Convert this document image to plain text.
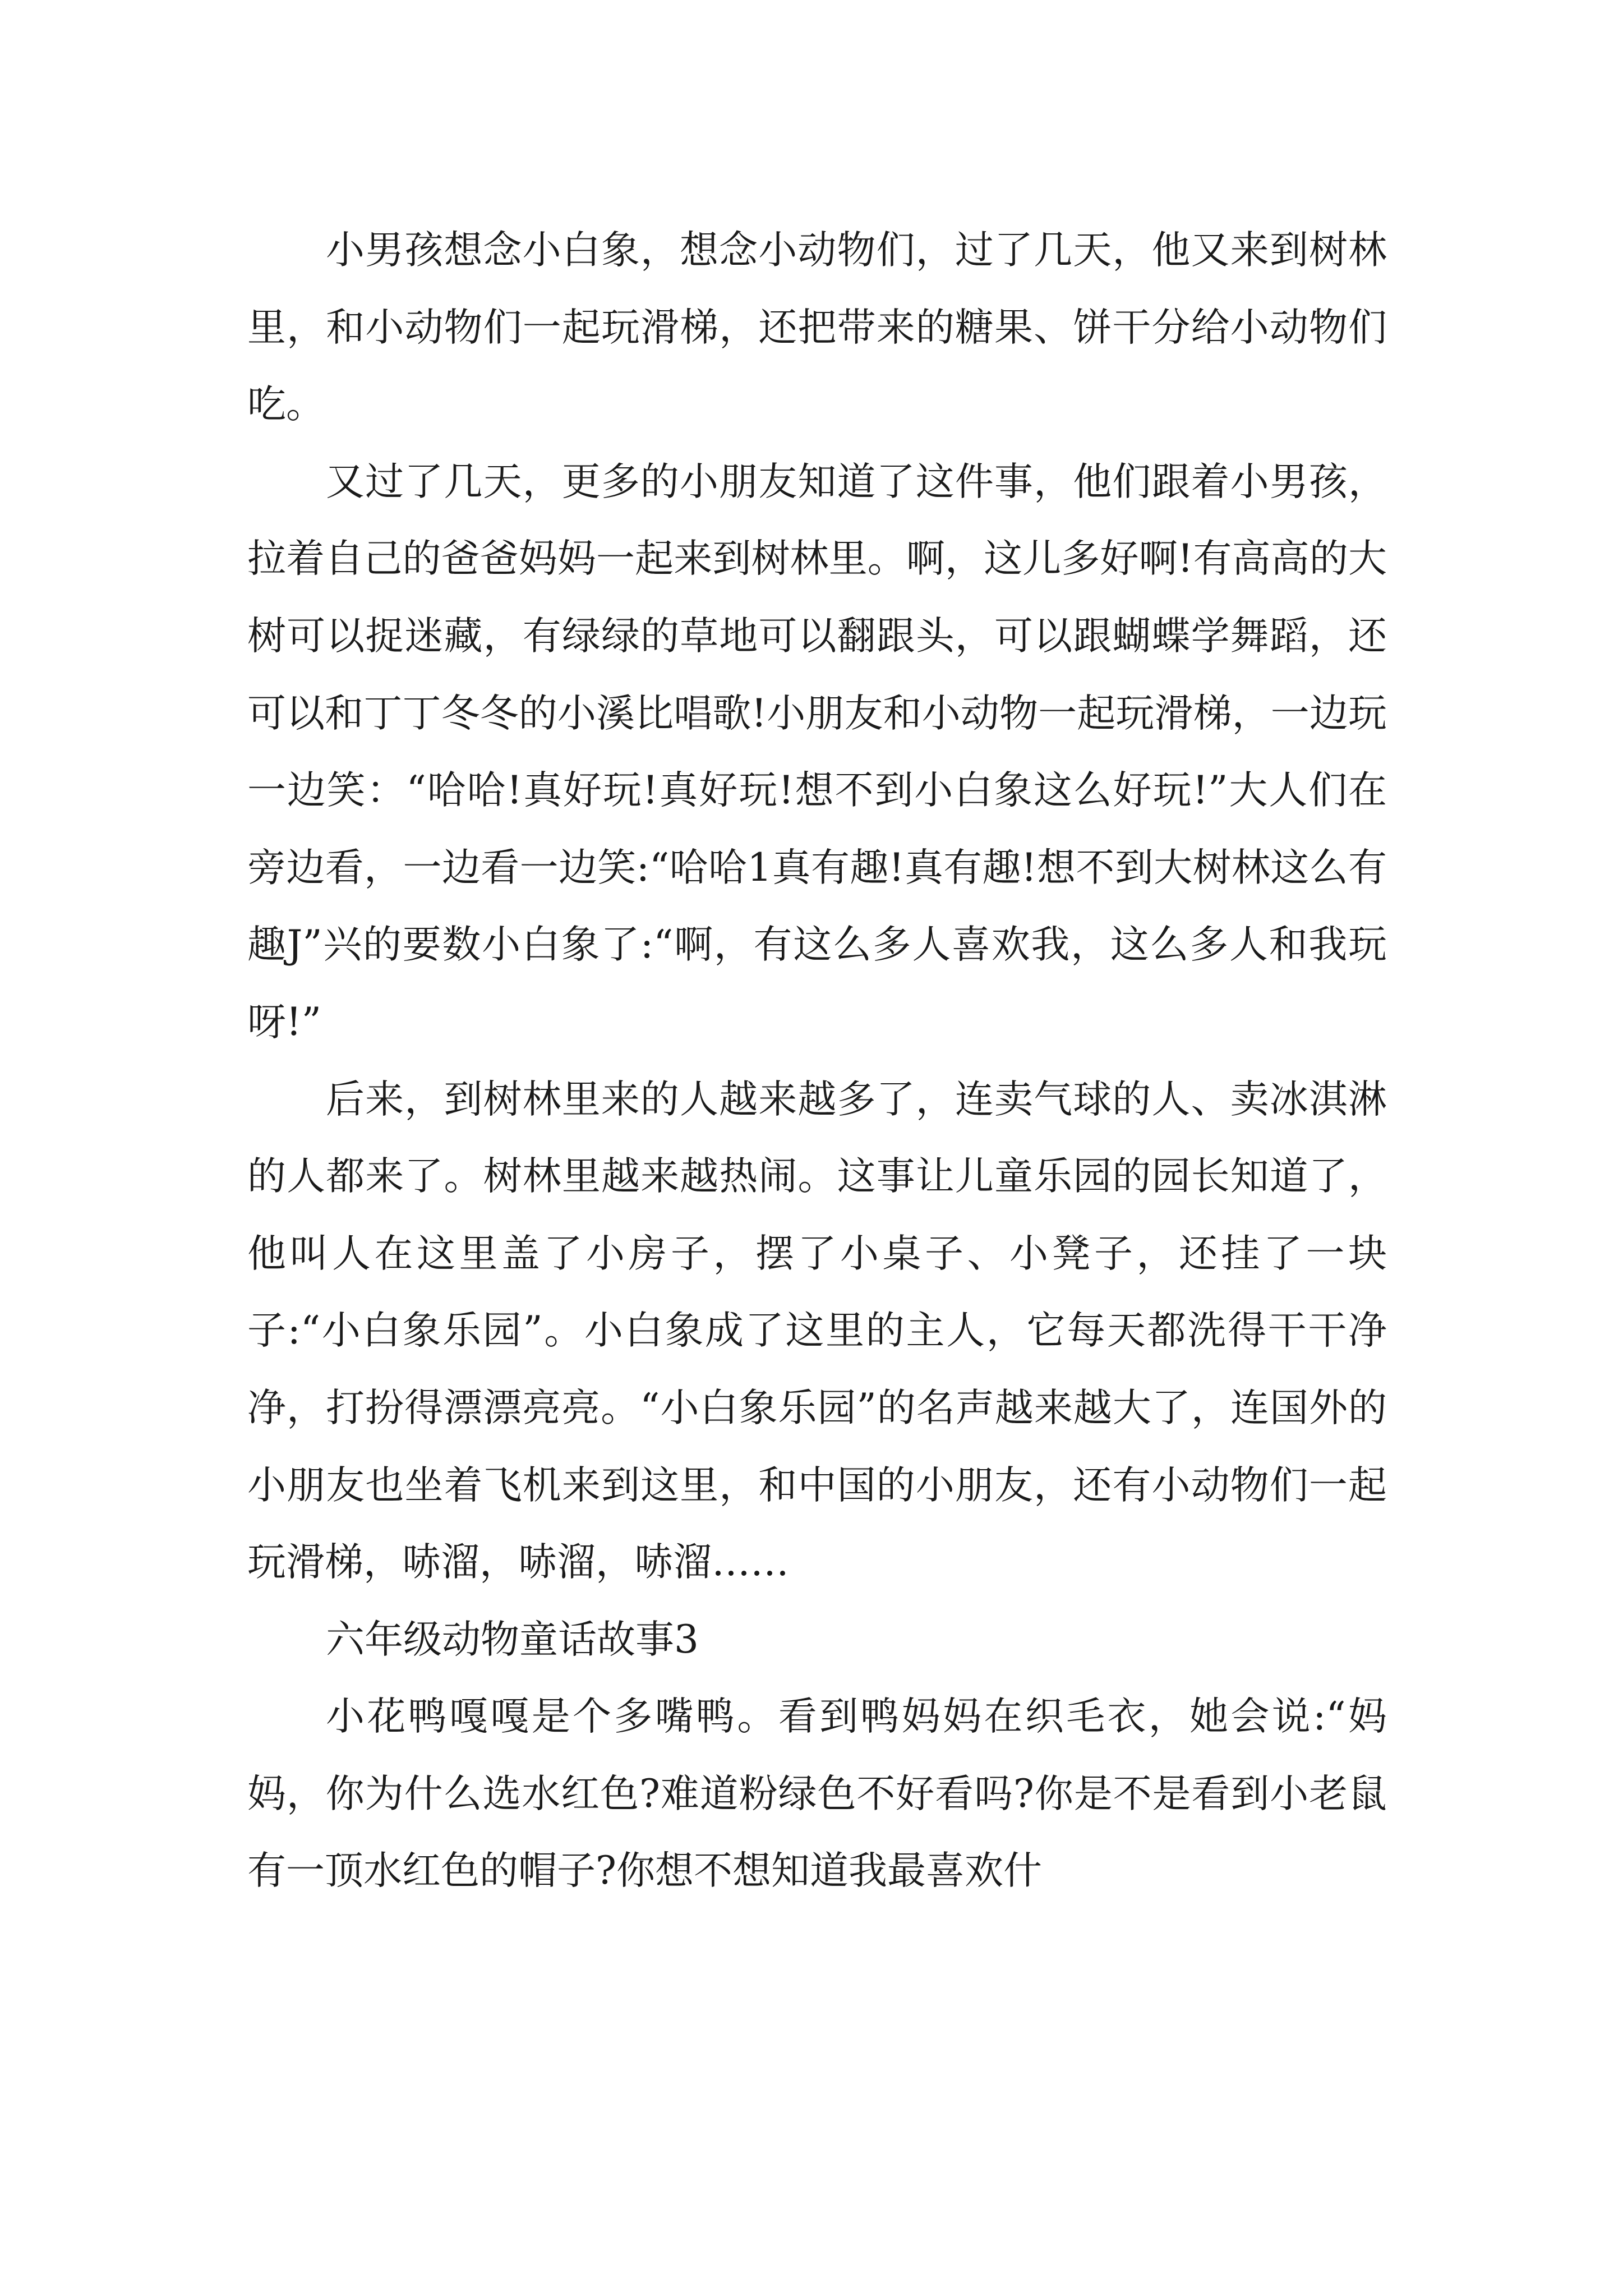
小男孩想念小白象，想念小动物们，过了几天，他又来到树林里，和小动物们一起玩滑梯，还把带来的糖果、饼干分给小动物们吃。

又过了几天，更多的小朋友知道了这件事，他们跟着小男孩，拉着自己的爸爸妈妈一起来到树林里。啊，这儿多好啊!有高高的大树可以捉迷藏，有绿绿的草地可以翻跟头，可以跟蝴蝶学舞蹈，还可以和丁丁冬冬的小溪比唱歌!小朋友和小动物一起玩滑梯，一边玩一边笑：“哈哈!真好玩!真好玩!想不到小白象这么好玩!”大人们在旁边看，一边看一边笑:“哈哈1真有趣!真有趣!想不到大树林这么有趣J”兴的要数小白象了:“啊，有这么多人喜欢我，这么多人和我玩呀!”

后来，到树林里来的人越来越多了，连卖气球的人、卖冰淇淋的人都来了。树林里越来越热闹。这事让儿童乐园的园长知道了，他叫人在这里盖了小房子，摆了小桌子、小凳子，还挂了一块子:“小白象乐园”。小白象成了这里的主人，它每天都洗得干干净净，打扮得漂漂亮亮。“小白象乐园”的名声越来越大了，连国外的小朋友也坐着飞机来到这里，和中国的小朋友，还有小动物们一起玩滑梯，哧溜，哧溜，哧溜……

六年级动物童话故事3

小花鸭嘎嘎是个多嘴鸭。看到鸭妈妈在织毛衣，她会说:“妈妈，你为什么选水红色?难道粉绿色不好看吗?你是不是看到小老鼠有一顶水红色的帽子?你想不想知道我最喜欢什
